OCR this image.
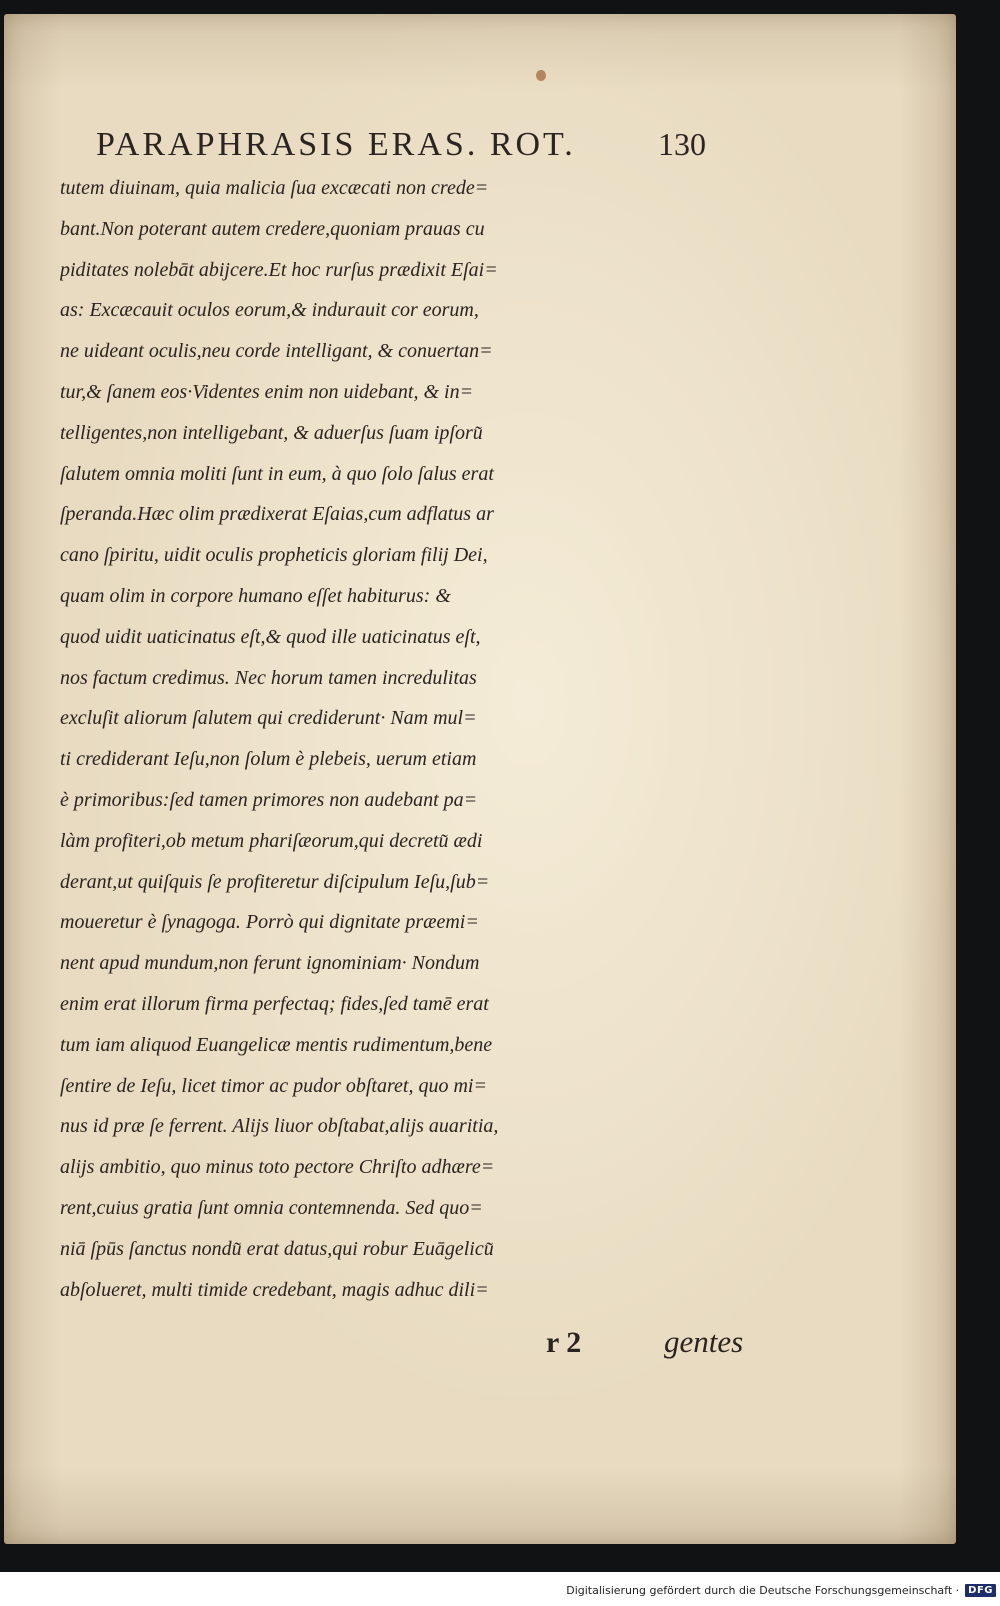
PARAPHRASIS ERAS. ROT.	130
tutem diuinam, quia malicia ſua excæcati non crede=
bant.Non poterant autem credere,quoniam prauas cu
piditates nolebāt abijcere.Et hoc rurſus prædixit Eſai=
as: Excæcauit oculos eorum,& indurauit cor eorum,
ne uideant oculis,neu corde intelligant, & conuertan=
tur,& ſanem eos·Videntes enim non uidebant, & in=
telligentes,non intelligebant, & aduerſus ſuam ipſoru͂
ſalutem omnia moliti ſunt in eum, à quo ſolo ſalus erat
ſperanda.Hæc olim prædixerat Eſaias,cum adflatus ar
cano ſpiritu, uidit oculis propheticis gloriam filij Dei,
quam olim in corpore humano eſſet habiturus: &
quod uidit uaticinatus eſt,& quod ille uaticinatus eſt,
nos factum credimus. Nec horum tamen incredulitas
excluſit aliorum ſalutem qui crediderunt· Nam mul=
ti crediderant Ieſu,non ſolum è plebeis, uerum etiam
è primoribus:ſed tamen primores non audebant pa=
làm profiteri,ob metum phariſæorum,qui decretu͂ ædi
derant,ut quiſquis ſe profiteretur diſcipulum Ieſu,ſub=
moueretur è ſynagoga. Porrò qui dignitate præemi=
nent apud mundum,non ferunt ignominiam· Nondum
enim erat illorum firma perfectaq; fides,ſed tamē erat
tum iam aliquod Euangelicæ mentis rudimentum,bene
ſentire de Ieſu, licet timor ac pudor obſtaret, quo mi=
nus id præ ſe ferrent. Alijs liuor obſtabat,alijs auaritia,
alijs ambitio, quo minus toto pectore Chriſto adhære=
rent,cuius gratia ſunt omnia contemnenda. Sed quo=
niā ſpūs ſanctus nondu͂ erat datus,qui robur Euāgelicu͂
abſolueret, multi timide credebant, magis adhuc dili=
r 2	gentes
Digitalisierung gefördert durch die Deutsche Forschungsgemeinschaft · DFG
